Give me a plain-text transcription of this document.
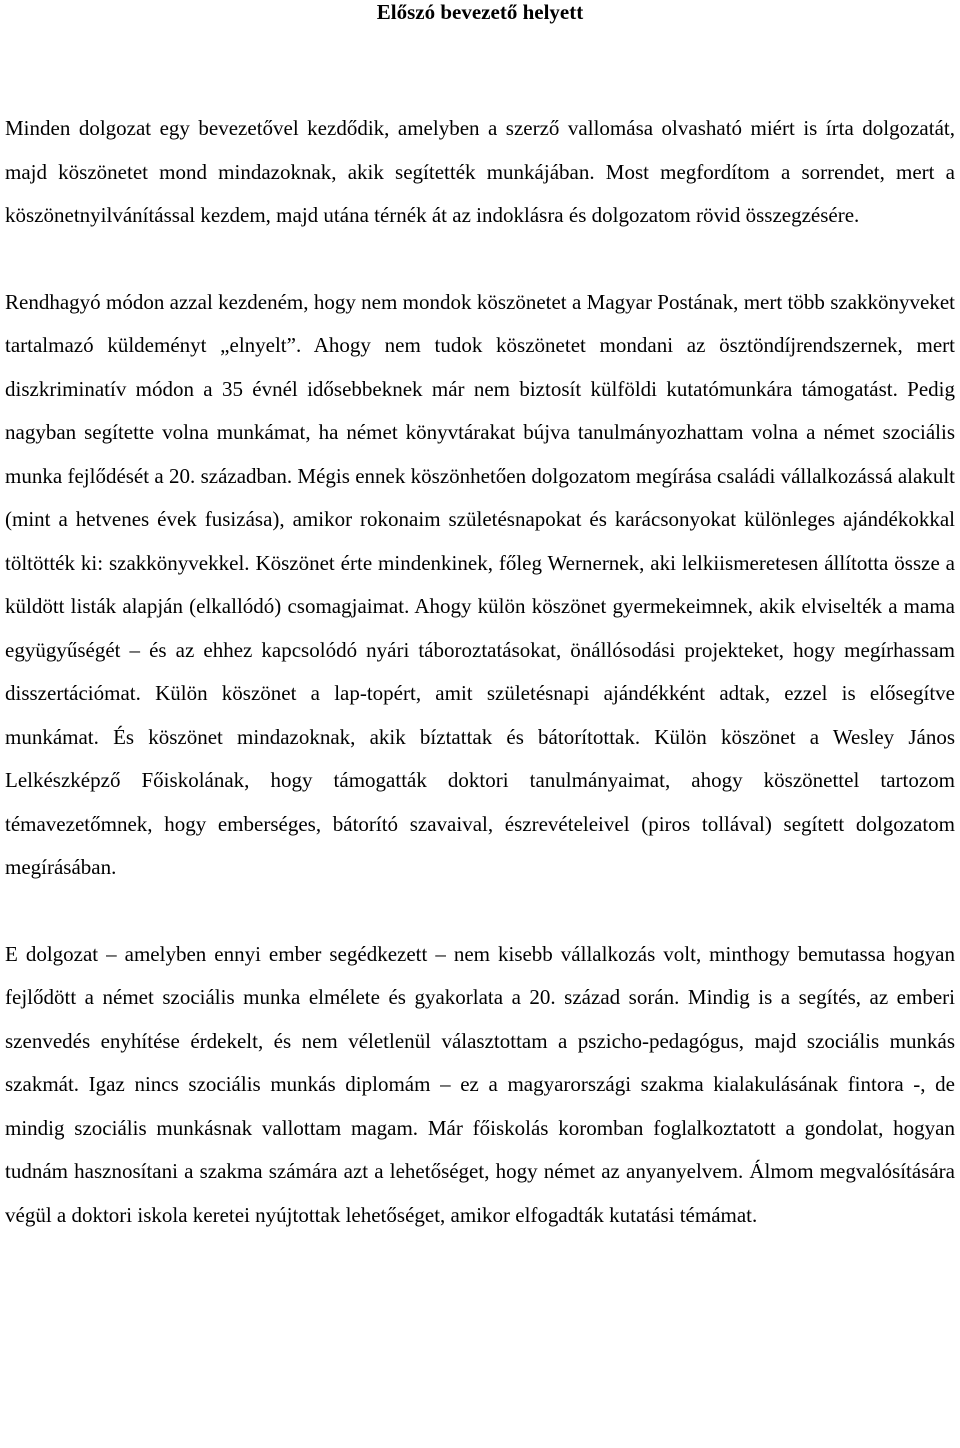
Előszó bevezető helyett

Minden dolgozat egy bevezetővel kezdődik, amelyben a szerző vallomása olvasható miért is írta dolgozatát, majd köszönetet mond mindazoknak, akik segítették munkájában. Most megfordítom a sorrendet, mert a köszönetnyilvánítással kezdem, majd utána térnék át az indoklásra és dolgozatom rövid összegzésére.

Rendhagyó módon azzal kezdeném, hogy nem mondok köszönetet a Magyar Postának, mert több szakkönyveket tartalmazó küldeményt „elnyelt”. Ahogy nem tudok köszönetet mondani az ösztöndíjrendszernek, mert diszkriminatív módon a 35 évnél idősebbeknek már nem biztosít külföldi kutatómunkára támogatást. Pedig nagyban segítette volna munkámat, ha német könyvtárakat bújva tanulmányozhattam volna a német szociális munka fejlődését a 20. században. Mégis ennek köszönhetően dolgozatom megírása családi vállalkozássá alakult (mint a hetvenes évek fusizása), amikor rokonaim születésnapokat és karácsonyokat különleges ajándékokkal töltötték ki: szakkönyvekkel. Köszönet érte mindenkinek, főleg Wernernek, aki lelkiismeretesen állította össze a küldött listák alapján (elkallódó) csomagjaimat. Ahogy külön köszönet gyermekeimnek, akik elviselték a mama együgyűségét – és az ehhez kapcsolódó nyári táboroztatásokat, önállósodási projekteket, hogy megírhassam disszertációmat. Külön köszönet a lap-topért, amit születésnapi ajándékként adtak, ezzel is elősegítve munkámat. És köszönet mindazoknak, akik bíztattak és bátorítottak. Külön köszönet a Wesley János Lelkészképző Főiskolának, hogy támogatták doktori tanulmányaimat, ahogy köszönettel tartozom témavezetőmnek, hogy emberséges, bátorító szavaival, észrevételeivel (piros tollával) segített dolgozatom megírásában.

E dolgozat – amelyben ennyi ember segédkezett – nem kisebb vállalkozás volt, minthogy bemutassa hogyan fejlődött a német szociális munka elmélete és gyakorlata a 20. század során. Mindig is a segítés, az emberi szenvedés enyhítése érdekelt, és nem véletlenül választottam a pszicho-pedagógus, majd szociális munkás szakmát. Igaz nincs szociális munkás diplomám – ez a magyarországi szakma kialakulásának fintora -, de mindig szociális munkásnak vallottam magam. Már főiskolás koromban foglalkoztatott a gondolat, hogyan tudnám hasznosítani a szakma számára azt a lehetőséget, hogy német az anyanyelvem. Álmom megvalósítására végül a doktori iskola keretei nyújtottak lehetőséget, amikor elfogadták kutatási témámat.
